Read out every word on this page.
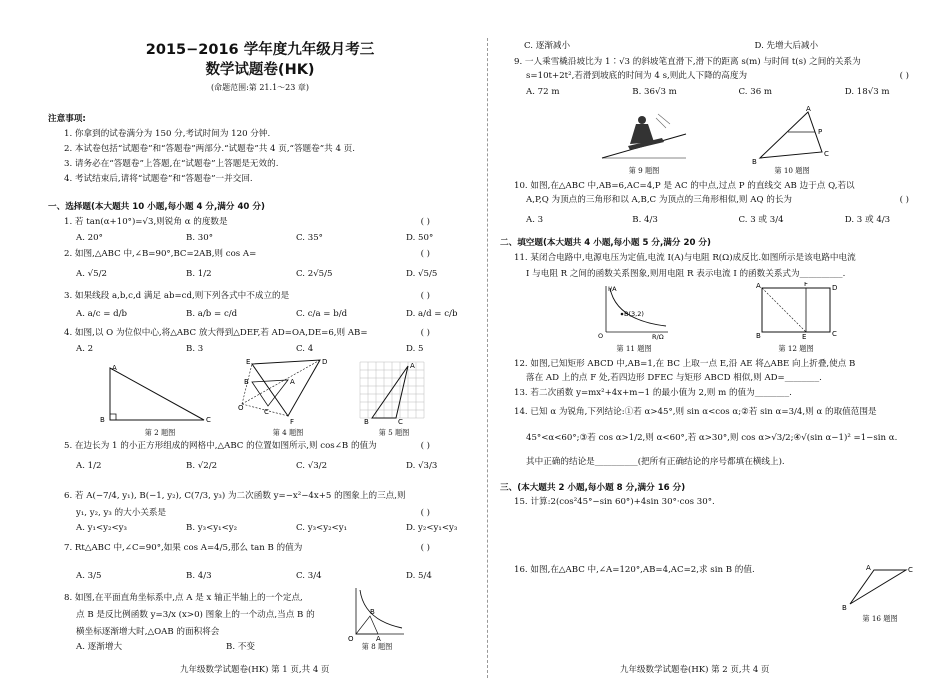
2015−2016 学年度九年级月考三
数学试题卷(HK)
(命题范围:第 21.1～23 章)
注意事项:
1. 你拿到的试卷满分为 150 分,考试时间为 120 分钟.
2. 本试卷包括“试题卷”和“答题卷”两部分.“试题卷”共 4 页,“答题卷”共 4 页.
3. 请务必在“答题卷”上答题,在“试题卷”上答题是无效的.
4. 考试结束后,请将“试题卷”和“答题卷”一并交回.
一、选择题(本大题共 10 小题,每小题 4 分,满分 40 分)
1. 若 tan(α+10°)=√3,则锐角 α 的度数是	( )
A. 20°	B. 30°	C. 35°	D. 50°
2. 如图,△ABC 中,∠B=90°,BC=2AB,则 cos A=	( )
A. √5/2	B. 1/2	C. 2√5/5	D. √5/5
3. 如果线段 a,b,c,d 满足 ab=cd,则下列各式中不成立的是	( )
A. a/c = d/b	B. a/b = c/d	C. c/a = b/d	D. a/d = c/b
4. 如图,以 O 为位似中心,将△ABC 放大得到△DEF,若 AD=OA,DE=6,则 AB=	( )
A. 2	B. 3	C. 4	D. 5
A
B	C
第 2 题图
E	D
B	A
O	C
F
第 4 题图
A
B	C
第 5 题图
5. 在边长为 1 的小正方形组成的网格中,△ABC 的位置如图所示,则 cos∠B 的值为	( )
A. 1/2	B. √2/2	C. √3/2	D. √3/3
6. 若 A(−7/4, y₁), B(−1, y₂), C(7/3, y₃) 为二次函数 y=−x²−4x+5 的图象上的三点,则
y₁, y₂, y₃ 的大小关系是	( )
A. y₁<y₂<y₃	B. y₃<y₁<y₂	C. y₃<y₂<y₁	D. y₂<y₁<y₃
7. Rt△ABC 中,∠C=90°,如果 cos A=4/5,那么 tan B 的值为	( )
A. 3/5	B. 4/3	C. 3/4	D. 5/4
8. 如图,在平面直角坐标系中,点 A 是 x 轴正半轴上的一个定点,
点 B 是反比例函数 y=3/x (x>0) 图象上的一个动点,当点 B 的
横坐标逐渐增大时,△OAB 的面积将会
A. 逐渐增大	B. 不变
O	A
B
第 8 题图
九年级数学试题卷(HK) 第 1 页,共 4 页
C. 逐渐减小	D. 先增大后减小
9. 一人乘雪橇沿坡比为 1∶√3 的斜坡笔直滑下,滑下的距离 s(m) 与时间 t(s) 之间的关系为
s=10t+2t²,若滑到坡底的时间为 4 s,则此人下降的高度为	( )
A. 72 m	B. 36√3 m	C. 36 m	D. 18√3 m
第 9 题图
A
B
C
P
第 10 题图
10. 如图,在△ABC 中,AB=6,AC=4,P 是 AC 的中点,过点 P 的直线交 AB 边于点 Q,若以
A,P,Q 为顶点的三角形和以 A,B,C 为顶点的三角形相似,则 AQ 的长为	( )
A. 3	B. 4/3	C. 3 或 3/4	D. 3 或 4/3
二、填空题(本大题共 4 小题,每小题 5 分,满分 20 分)
11. 某闭合电路中,电源电压为定值,电流 I(A)与电阻 R(Ω)成反比.如图所示是该电路中电流
I 与电阻 R 之间的函数关系图象,则用电阻 R 表示电流 I 的函数关系式为__________.
I/A
B(3,2)
O	R/Ω
第 11 题图
A	F	D
B	E	C
第 12 题图
12. 如图,已知矩形 ABCD 中,AB=1,在 BC 上取一点 E,沿 AE 将△ABE 向上折叠,使点 B
落在 AD 上的点 F 处,若四边形 DFEC 与矩形 ABCD 相似,则 AD=________.
13. 若二次函数 y=mx²+4x+m−1 的最小值为 2,则 m 的值为________.
14. 已知 α 为锐角,下列结论:①若 α>45°,则 sin α<cos α;②若 sin α=3/4,则 α 的取值范围是
45°<α<60°;③若 cos α>1/2,则 α<60°,若 α>30°,则 cos α>√3/2;④√(sin α−1)² =1−sin α.
其中正确的结论是__________(把所有正确结论的序号都填在横线上).
三、(本大题共 2 小题,每小题 8 分,满分 16 分)
15. 计算:2(cos²45°−sin 60°)+4sin 30°·cos 30°.
16. 如图,在△ABC 中,∠A=120°,AB=4,AC=2,求 sin B 的值.	A	C
B
第 16 题图
九年级数学试题卷(HK) 第 2 页,共 4 页
